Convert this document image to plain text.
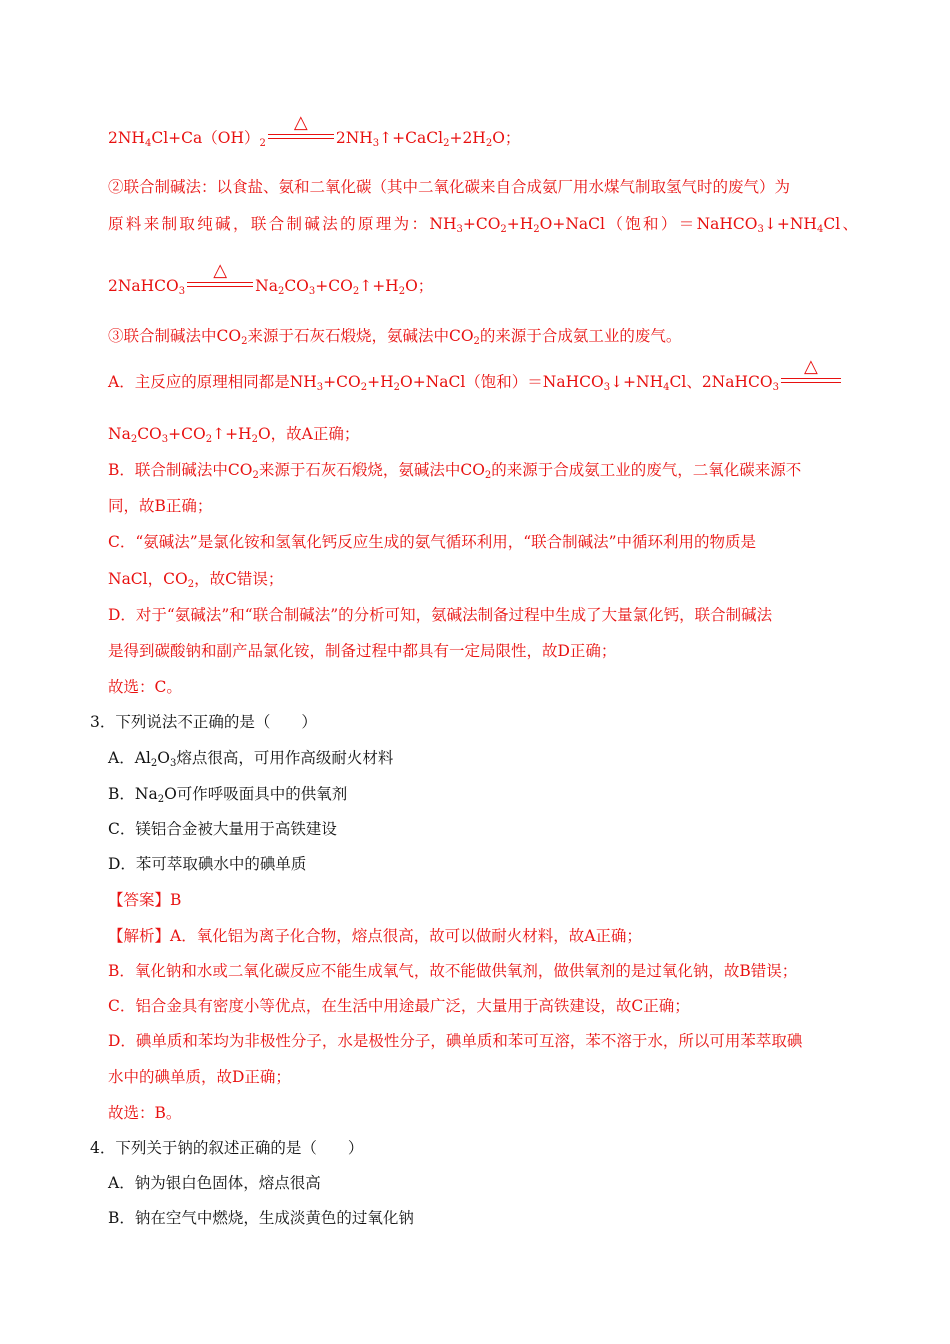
$2NH_4Cl+Ca(OH)_2$
△
$2NH_3↑+CaCl_2+2H_2O$；
②联合制碱法：以食盐、氨和二氧化碳（其中二氧化碳来自合成氨厂用水煤气制取氢气时的废气）为
原料来制取纯碱，联合制碱法的原理为：$NH_3+CO_2+H_2O+NaCl$（饱和）$=NaHCO_3↓+NH_4Cl$、
2NaHCO$_3$
△
$Na_2CO_3+CO_2↑+H_2O$；
③联合制碱法中$CO_2$来源于石灰石煅烧，氨碱法中$CO_2$的来源于合成氨工业的废气。
A．主反应的原理相同都是$NH_3+CO_2+H_2O+NaCl$（饱和）$=NaHCO_3↓+NH_4Cl$、2NaHCO$_3$
△
$Na_2CO_3+CO_2↑+H_2O$，故A正确；
B．联合制碱法中$CO_2$来源于石灰石煅烧，氨碱法中$CO_2$的来源于合成氨工业的废气，二氧化碳来源不
同，故B正确；
C．“氨碱法”是氯化铵和氢氧化钙反应生成的氨气循环利用，“联合制碱法”中循环利用的物质是
NaCl，$CO_2$，故C错误；
D．对于“氨碱法”和“联合制碱法”的分析可知，氨碱法制备过程中生成了大量氯化钙，联合制碱法
是得到碳酸钠和副产品氯化铵，制备过程中都具有一定局限性，故D正确；
故选：C。
3．下列说法不正确的是（　　）
A．$Al_2O_3$熔点很高，可用作高级耐火材料
B．$Na_2O$可作呼吸面具中的供氧剂
C．镁铝合金被大量用于高铁建设
D．苯可萃取碘水中的碘单质
【答案】B
【解析】A．氧化铝为离子化合物，熔点很高，故可以做耐火材料，故A正确；
B．氧化钠和水或二氧化碳反应不能生成氧气，故不能做供氧剂，做供氧剂的是过氧化钠，故B错误；
C．铝合金具有密度小等优点，在生活中用途最广泛，大量用于高铁建设，故C正确；
D．碘单质和苯均为非极性分子，水是极性分子，碘单质和苯可互溶，苯不溶于水，所以可用苯萃取碘
水中的碘单质，故D正确；
故选：B。
4．下列关于钠的叙述正确的是（　　）
A．钠为银白色固体，熔点很高
B．钠在空气中燃烧，生成淡黄色的过氧化钠
